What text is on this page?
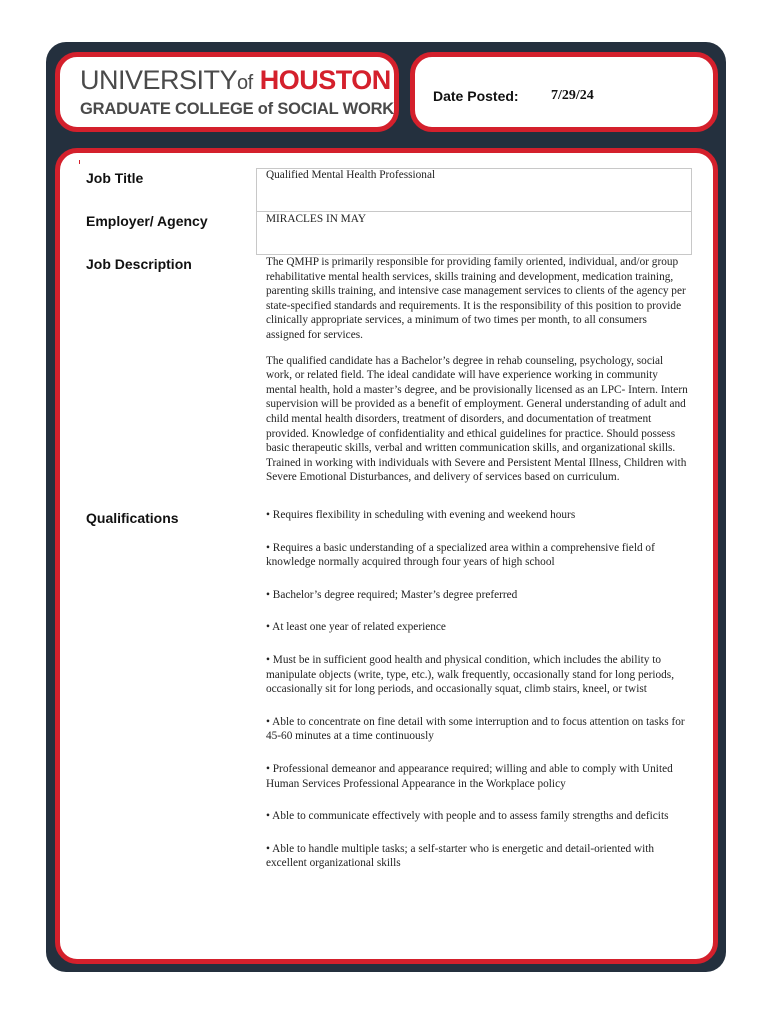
UNIVERSITYof HOUSTON
GRADUATE COLLEGE of SOCIAL WORK
Date Posted: 7/29/24
Job Title	Qualified Mental Health Professional
Employer/ Agency	MIRACLES IN MAY
Job Description	The QMHP is primarily responsible for providing family oriented, individual, and/or group rehabilitative mental health services, skills training and development, medication training, parenting skills training, and intensive case management services to clients of the agency per state-specified standards and requirements. It is the responsibility of this position to provide clinically appropriate services, a minimum of two times per month, to all consumers assigned for services.

The qualified candidate has a Bachelor’s degree in rehab counseling, psychology, social work, or related field. The ideal candidate will have experience working in community mental health, hold a master’s degree, and be provisionally licensed as an LPC- Intern. Intern supervision will be provided as a benefit of employment. General understanding of adult and child mental health disorders, treatment of disorders, and documentation of treatment provided. Knowledge of confidentiality and ethical guidelines for practice. Should possess basic therapeutic skills, verbal and written communication skills, and organizational skills. Trained in working with individuals with Severe and Persistent Mental Illness, Children with Severe Emotional Disturbances, and delivery of services based on curriculum.

Qualifications	• Requires flexibility in scheduling with evening and weekend hours

• Requires a basic understanding of a specialized area within a comprehensive field of knowledge normally acquired through four years of high school

• Bachelor’s degree required; Master’s degree preferred

• At least one year of related experience

• Must be in sufficient good health and physical condition, which includes the ability to manipulate objects (write, type, etc.), walk frequently, occasionally stand for long periods, occasionally sit for long periods, and occasionally squat, climb stairs, kneel, or twist

• Able to concentrate on fine detail with some interruption and to focus attention on tasks for 45-60 minutes at a time continuously

• Professional demeanor and appearance required; willing and able to comply with United Human Services Professional Appearance in the Workplace policy

• Able to communicate effectively with people and to assess family strengths and deficits

• Able to handle multiple tasks; a self-starter who is energetic and detail-oriented with excellent organizational skills
